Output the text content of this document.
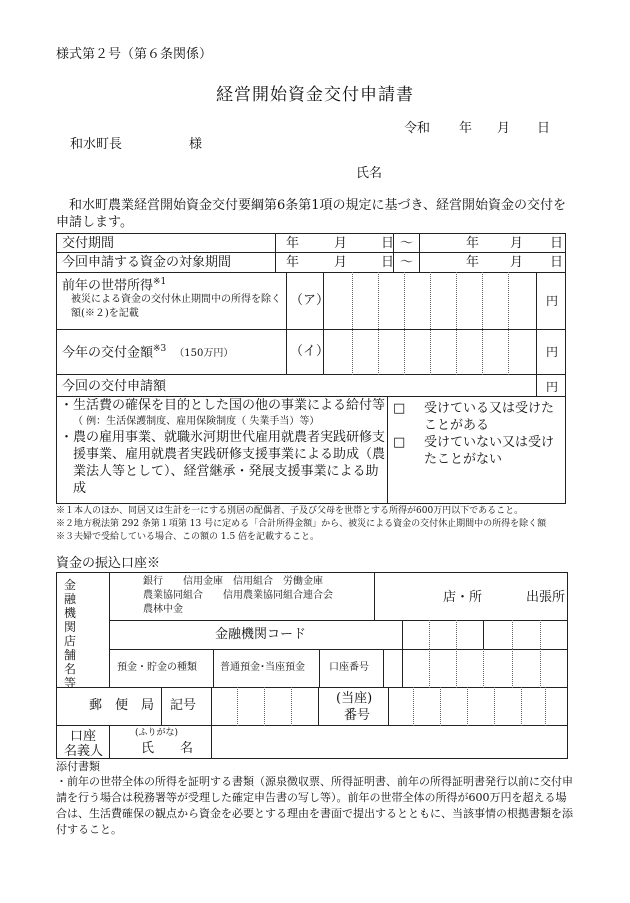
様式第２号（第６条関係）
経営開始資金交付申請書
令和 年 月 日
和水町長	様
氏名
和水町農業経営開始資金交付要綱第6条第1項の規定に基づき、経営開始資金の交付を申請します。
交付期間	年	月	日 ～	年 月 日
今回申請する資金の対象期間	年	月	日 ～	年 月 日
前年の世帯所得$^{※1}$
被災による資金の交付休止期間中の所得を除く額(※２)を記載
（ア）	円
今年の交付金額$^{※3}$ （150万円）	（イ）	円
今回の交付申請額	円
・生活費の確保を目的とした国の他の事業による給付等
（ 例：生活保護制度、雇用保険制度（ 失業手当）等）
・農の雇用事業、就職氷河期世代雇用就農者実践研修支援事業、雇用就農者実践研修支援事業による助成（農業法人等として）、経営継承・発展支援事業による助成
□ 受けている又は受けたことがある
□ 受けていない又は受けたことがない
※１本人のほか、同居又は生計を一にする別居の配偶者、子及び父母を世帯とする所得が600万円以下であること。
※２地方税法第 292 条第１項第 13 号に定める「合計所得金額」から、被災による資金の交付休止期間中の所得を除く額
※３夫婦で受給している場合、この額の 1.5 倍を記載すること。
資金の振込口座※
金融機関店舗名等
銀行　　信用金庫　信用組合　労働金庫
農業協同組合　　信用農業協同組合連合会
農林中金
店・所	出張所
金融機関コード
預金・貯金の種類 普通預金･当座預金 口座番号
郵　便　局 記号	(当座)
番号
口座
名義人
(ふりがな)
氏　　名
添付書類
・前年の世帯全体の所得を証明する書類（源泉徴収票、所得証明書、前年の所得証明書発行以前に交付申請を行う場合は税務署等が受理した確定申告書の写し等）。前年の世帯全体の所得が600万円を超える場合は、生活費確保の観点から資金を必要とする理由を書面で提出するとともに、当該事情の根拠書類を添付すること。
